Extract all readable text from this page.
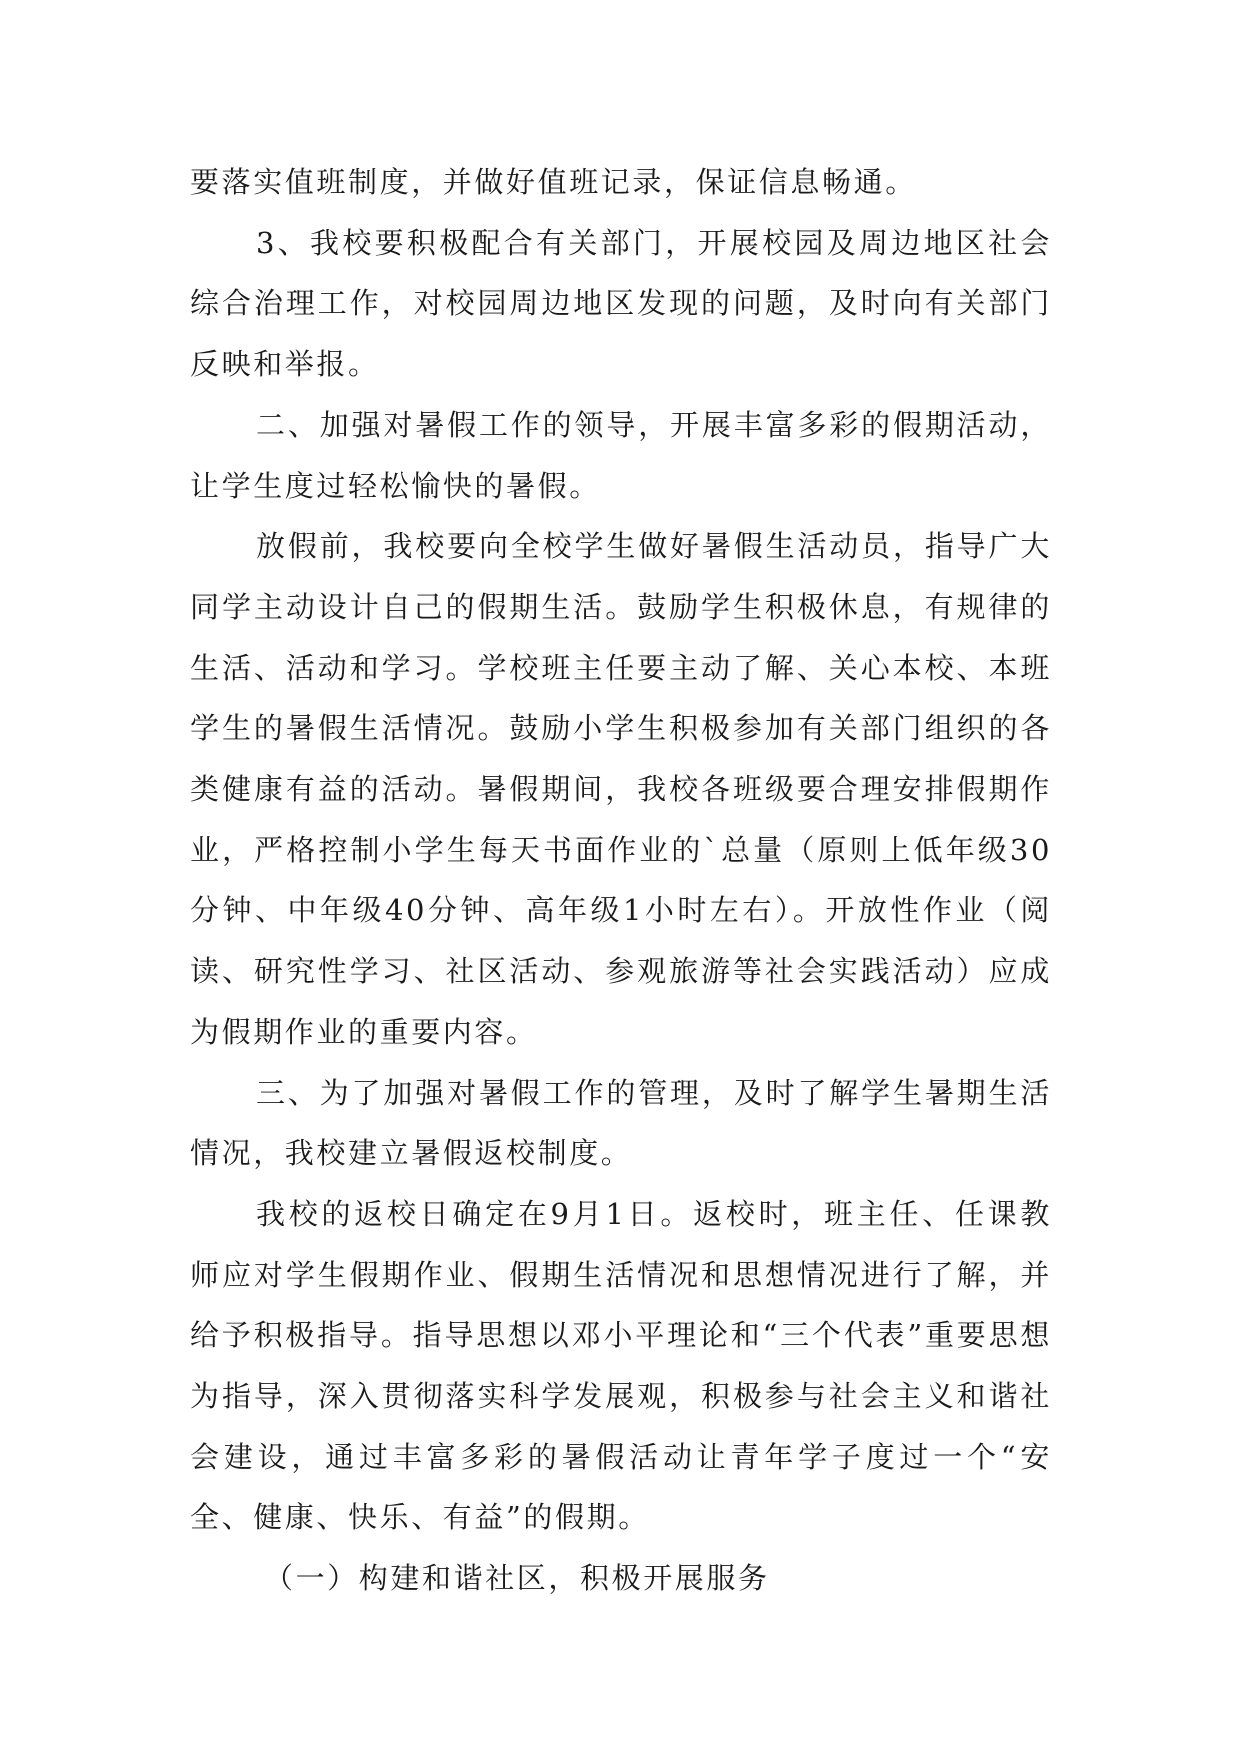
要落实值班制度，并做好值班记录，保证信息畅通。

3、我校要积极配合有关部门，开展校园及周边地区社会综合治理工作，对校园周边地区发现的问题，及时向有关部门反映和举报。

二、加强对暑假工作的领导，开展丰富多彩的假期活动，让学生度过轻松愉快的暑假。

放假前，我校要向全校学生做好暑假生活动员，指导广大同学主动设计自己的假期生活。鼓励学生积极休息，有规律的生活、活动和学习。学校班主任要主动了解、关心本校、本班学生的暑假生活情况。鼓励小学生积极参加有关部门组织的各类健康有益的活动。暑假期间，我校各班级要合理安排假期作业，严格控制小学生每天书面作业的`总量（原则上低年级30分钟、中年级40分钟、高年级1小时左右）。开放性作业（阅读、研究性学习、社区活动、参观旅游等社会实践活动）应成为假期作业的重要内容。

三、为了加强对暑假工作的管理，及时了解学生暑期生活情况，我校建立暑假返校制度。

我校的返校日确定在9月1日。返校时，班主任、任课教师应对学生假期作业、假期生活情况和思想情况进行了解，并给予积极指导。指导思想以邓小平理论和“三个代表”重要思想为指导，深入贯彻落实科学发展观，积极参与社会主义和谐社会建设，通过丰富多彩的暑假活动让青年学子度过一个“安全、健康、快乐、有益”的假期。

（一）构建和谐社区，积极开展服务
